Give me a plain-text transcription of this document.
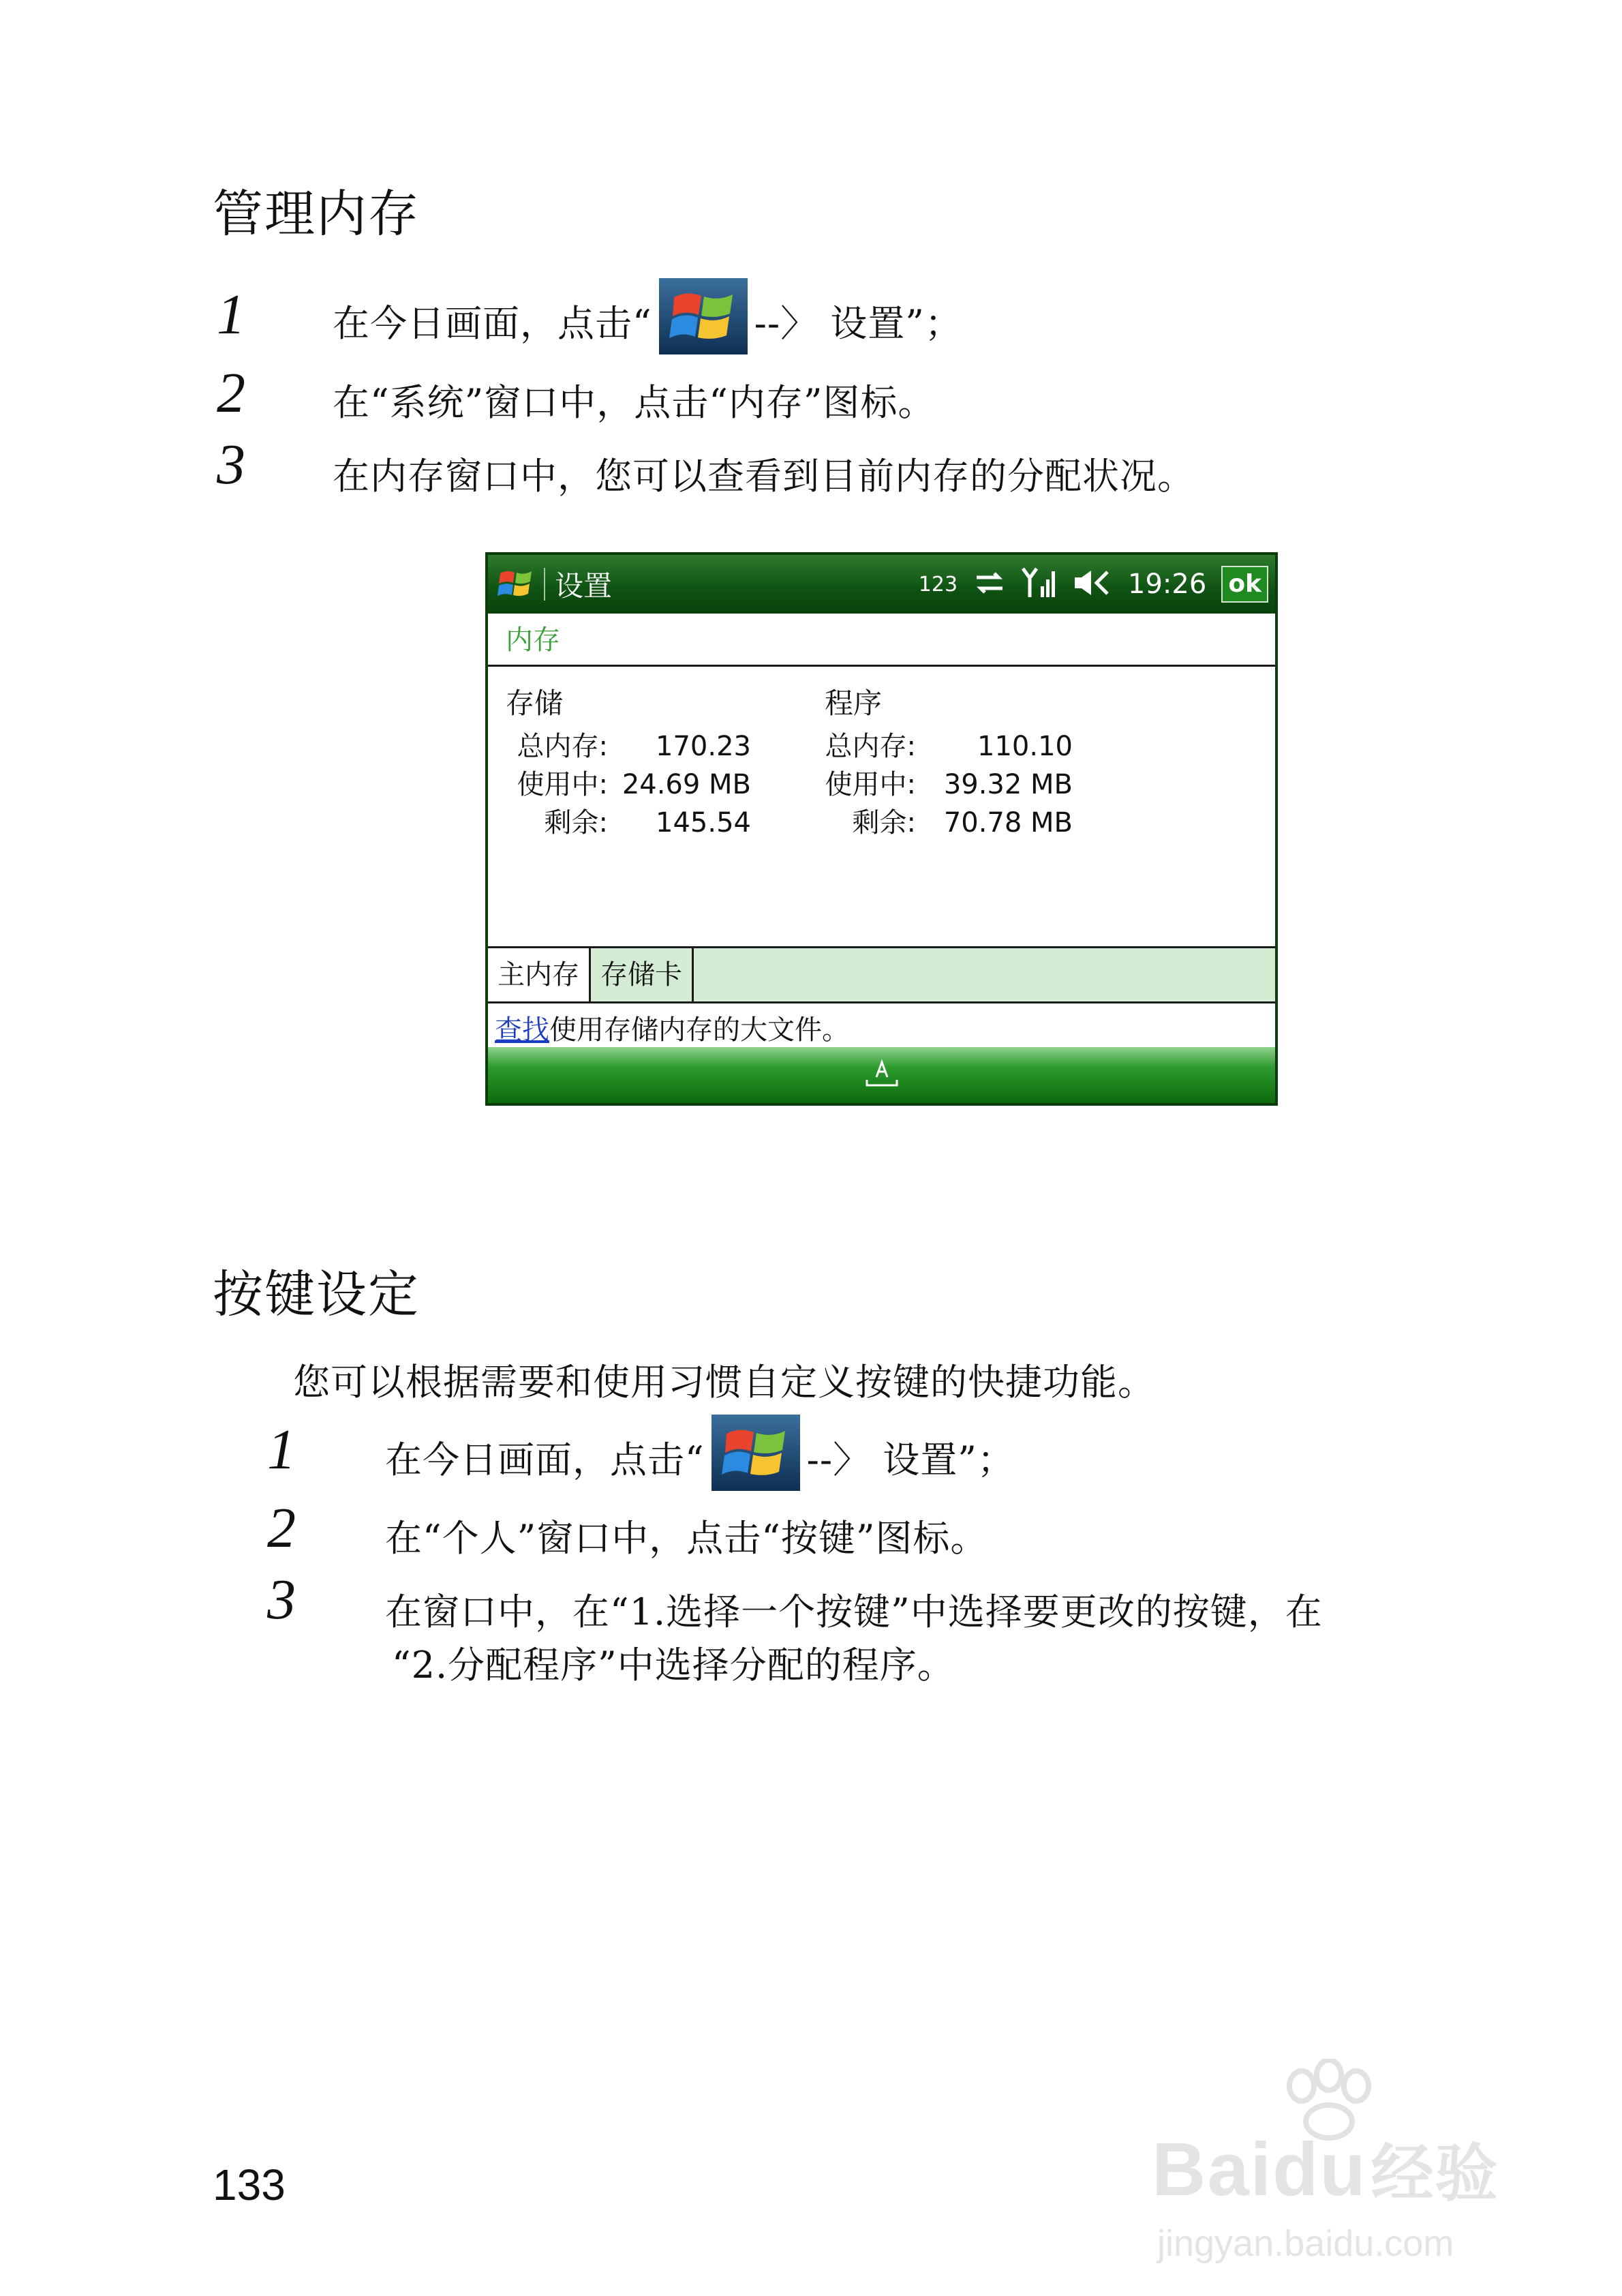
管理内存
1 在今日画面，点击“	--〉 设置”；
2 在“系统”窗口中，点击“内存”图标。
3 在内存窗口中，您可以查看到目前内存的分配状况。
设置	123	19:26 ok
内存
存储
总内存:	170.23
使用中: 24.69 MB
剩余:	145.54
程序
总内存:	110.10
使用中:	39.32 MB
剩余:	70.78 MB
主内存 存储卡
查找使用存储内存的大文件。
按键设定
您可以根据需要和使用习惯自定义按键的快捷功能。
1 在今日画面，点击“	--〉 设置”；
2 在“个人”窗口中，点击“按键”图标。
3 在窗口中，在“1.选择一个按键”中选择要更改的按键，在
“2.分配程序”中选择分配的程序。
133	Baidu经验
jingyan.baidu.com
